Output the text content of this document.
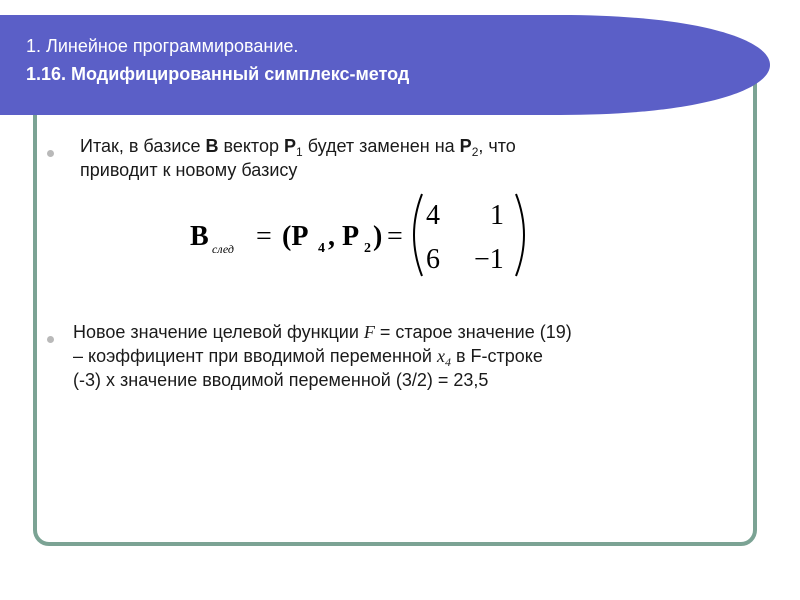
1. Линейное программирование.
1.16. Модифицированный симплекс-метод
Итак, в базисе B вектор $P_1$ будет заменен на $P_2$, что
приводит к новому базису
B след = (P 4 , P 2 ) =
4 1
6 −1
Новое значение целевой функции F = старое значение (19)
– коэффициент при вводимой переменной $x_4$ в F-строке
(-3) х значение вводимой переменной (3/2) = 23,5
